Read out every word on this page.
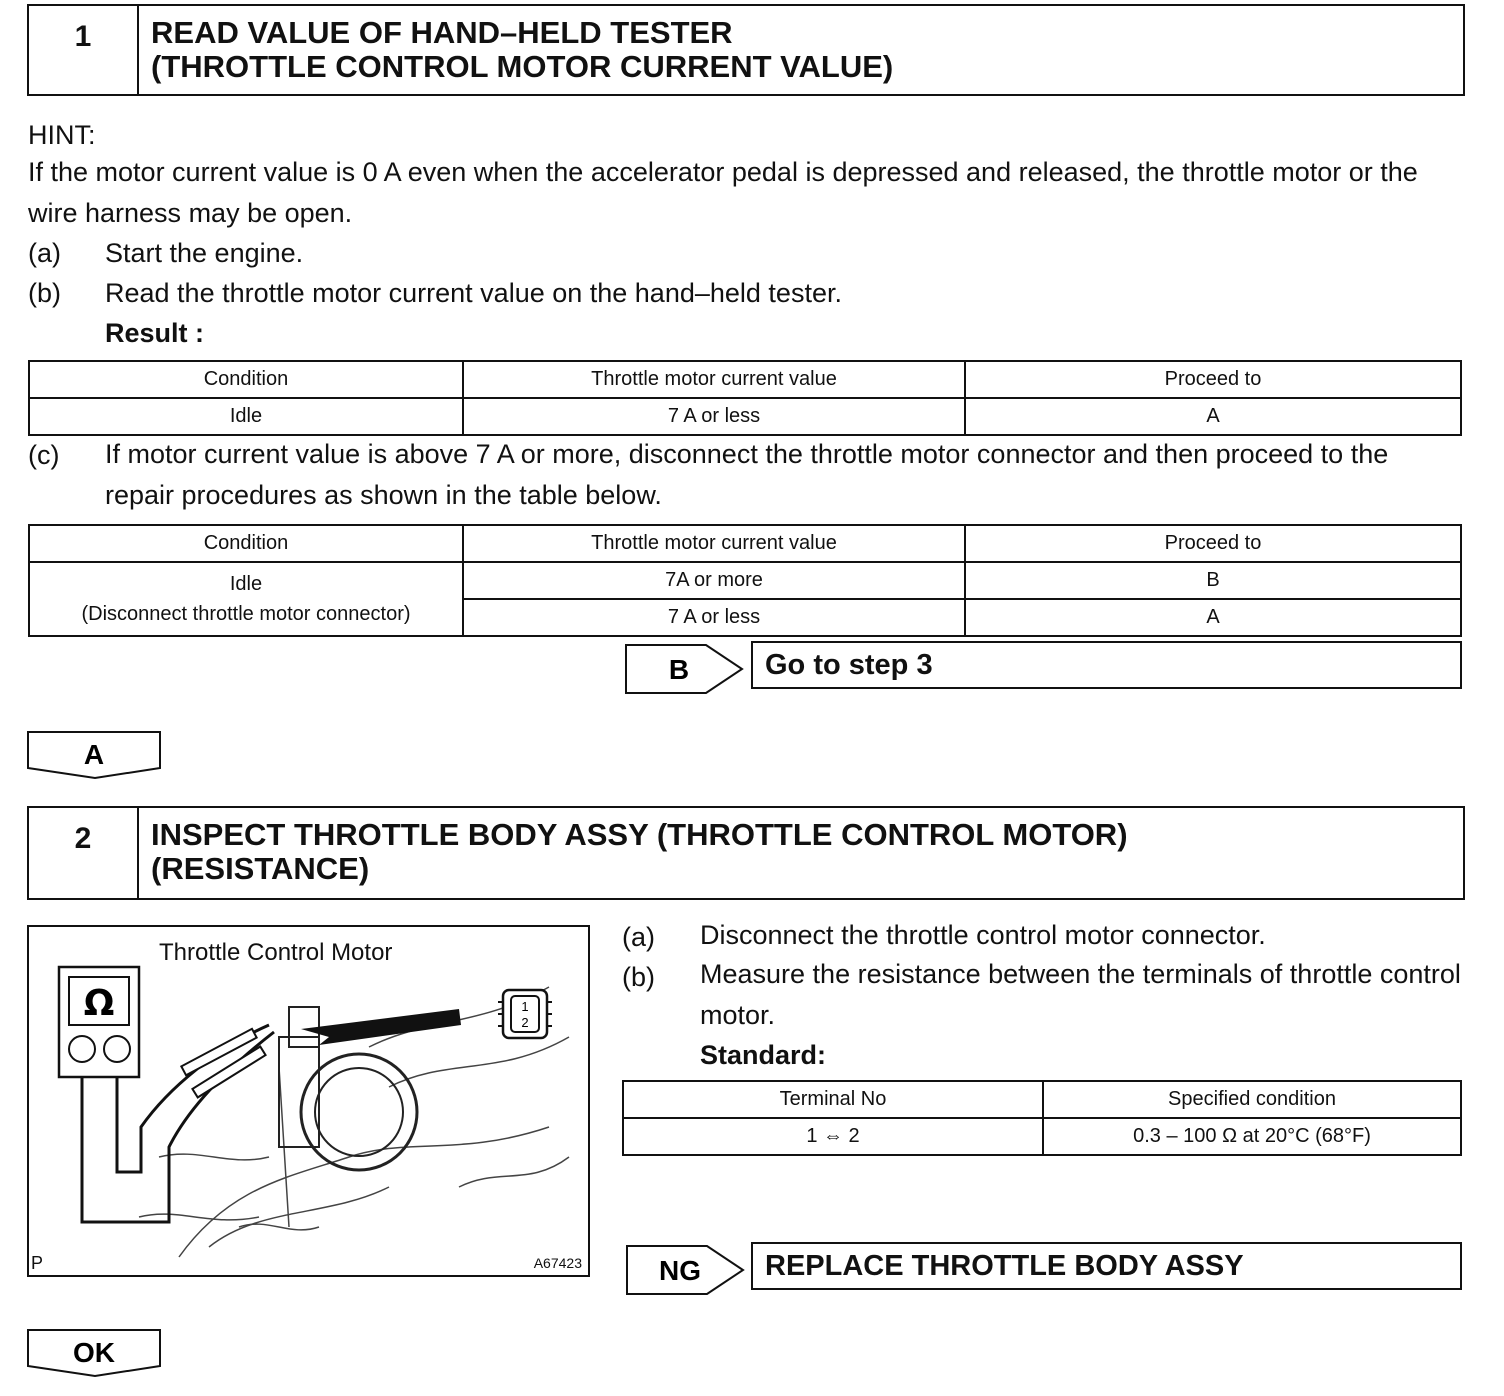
1	READ VALUE OF HAND–HELD TESTER
(THROTTLE CONTROL MOTOR CURRENT VALUE)
HINT:
If the motor current value is 0 A even when the accelerator pedal is depressed and released, the throttle motor or the wire harness may be open.
(a) Start the engine.
(b) Read the throttle motor current value on the hand–held tester.
Result :
Condition	Throttle motor current value	Proceed to
Idle	7 A or less	A
(c) If motor current value is above 7 A or more, disconnect the throttle motor connector and then proceed to the repair procedures as shown in the table below.
Condition	Throttle motor current value	Proceed to

Idle
(Disconnect throttle motor connector)	7A or more	B
	7 A or less	A
B	Go to step 3
A
2	INSPECT THROTTLE BODY ASSY (THROTTLE CONTROL MOTOR)
(RESISTANCE)
Ω	1
2
Throttle Control Motor
P	A67423
(a) Disconnect the throttle control motor connector.
(b) Measure the resistance between the terminals of throttle control motor.
Standard:
Terminal No	Specified condition
1 ⇔ 2	0.3 – 100 Ω at 20°C (68°F)
NG	REPLACE THROTTLE BODY ASSY
OK
